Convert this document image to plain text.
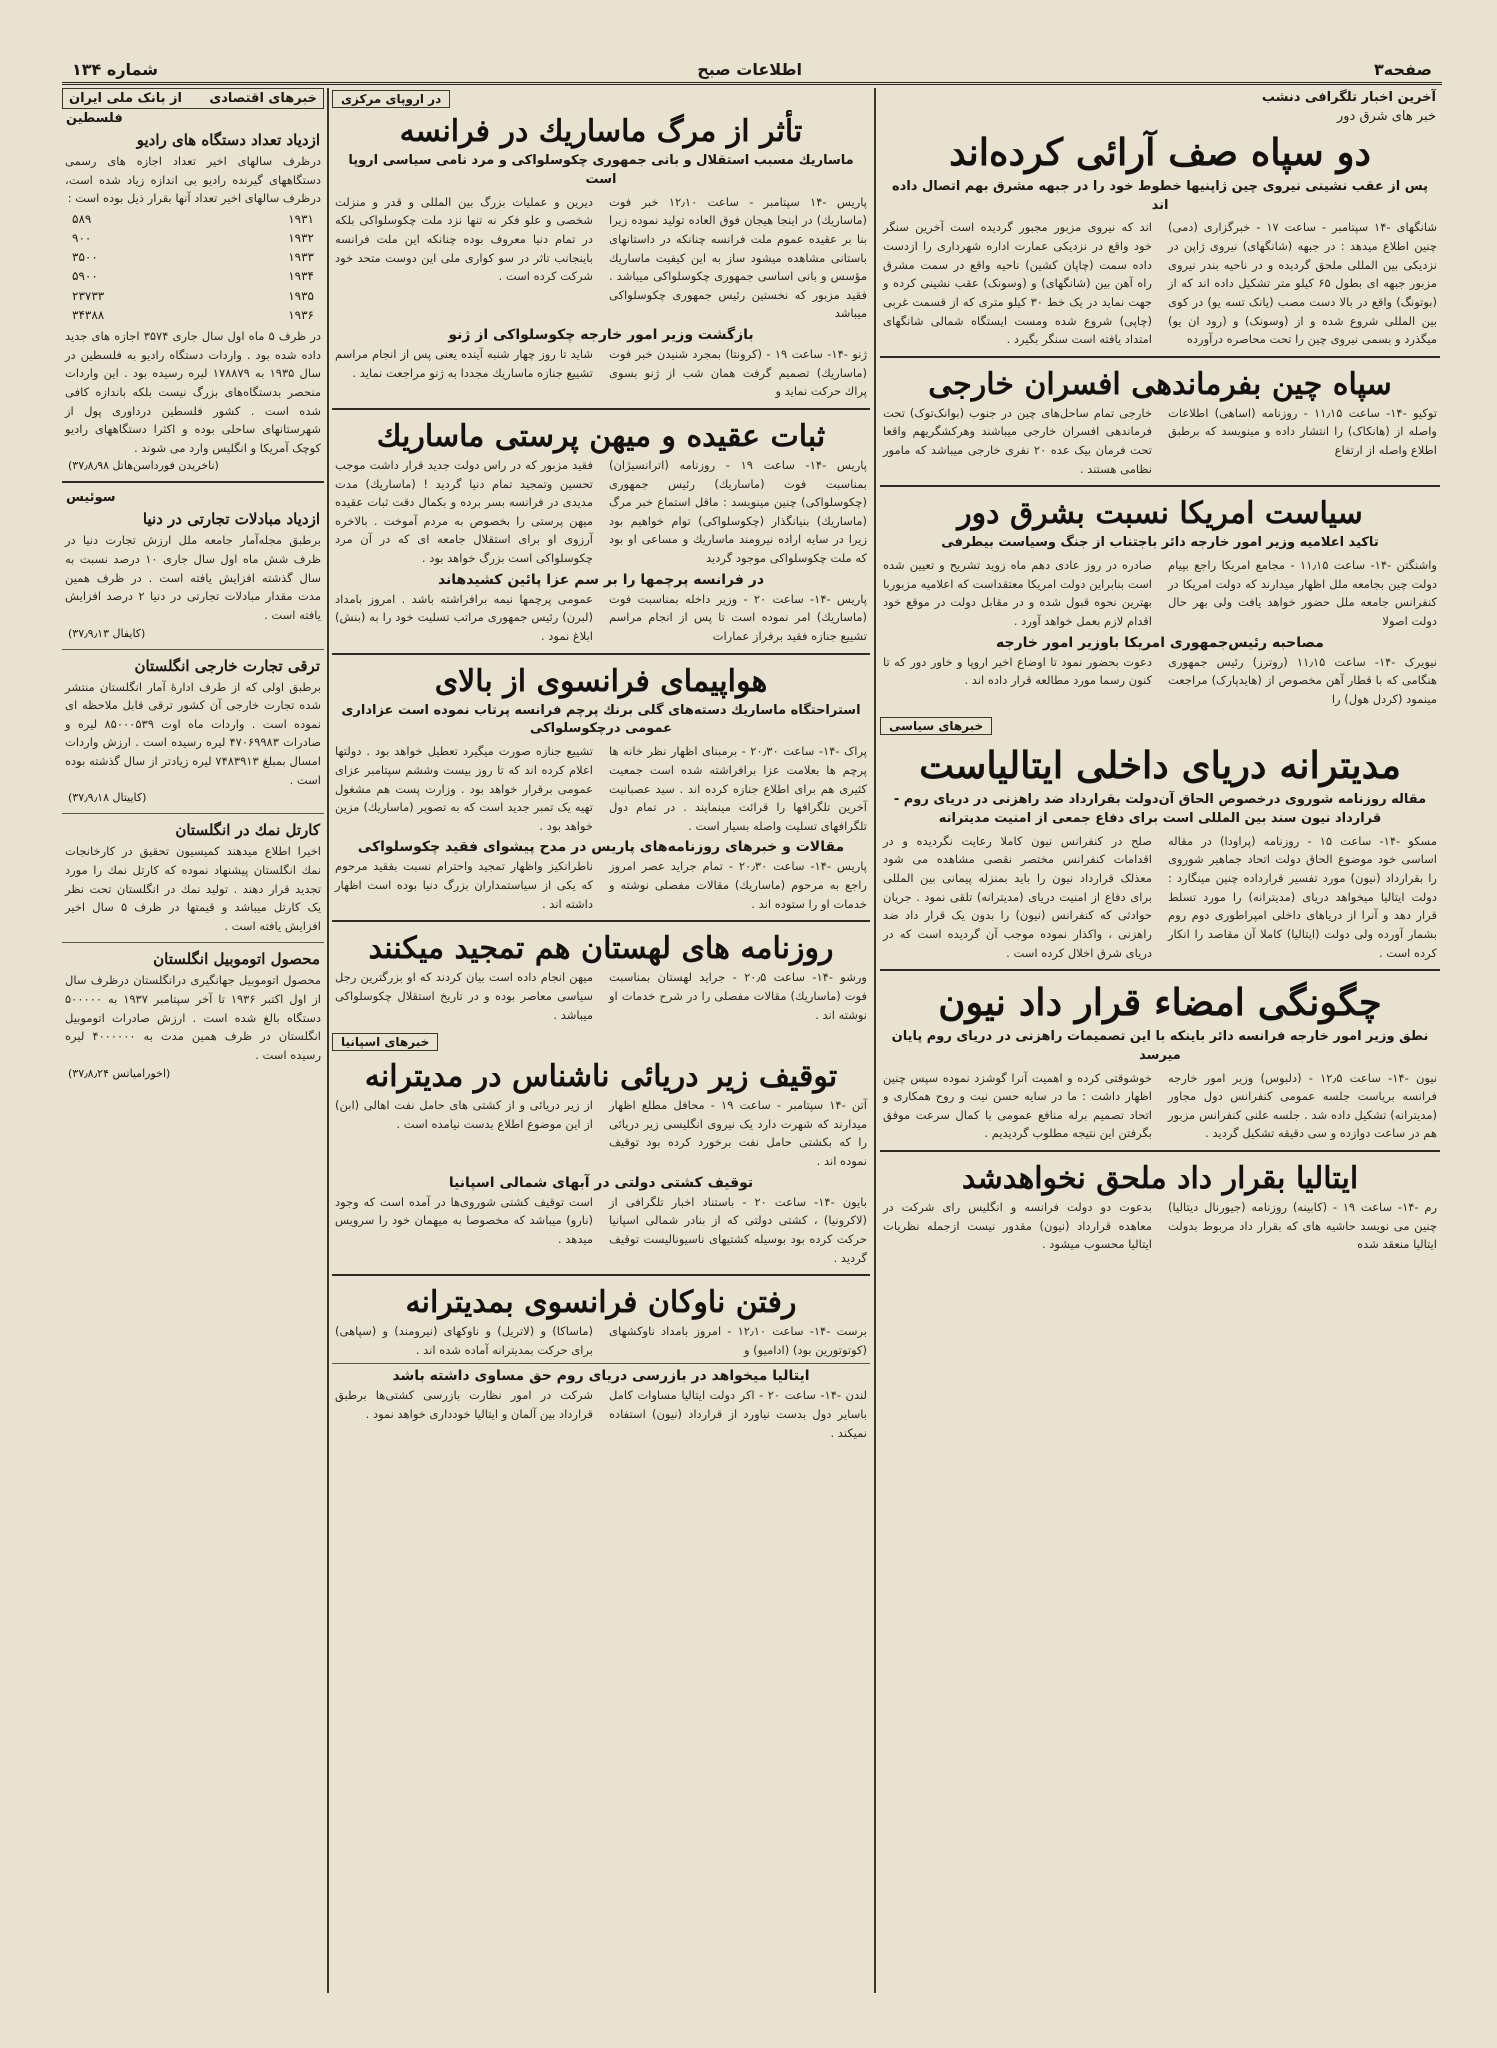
صفحه۳
اطلاعات صبح
شماره ۱۳۴
آخرین اخبار تلگرافی دنشب
خبر های شرق دور
دو سپاه صف آرائی کرده‌اند
پس از عقب نشینی نیروی چین ژاپنیها خطوط خود را در جبهه مشرق بهم اتصال داده اند
شانگهای -۱۴ سپتامبر - ساعت ۱۷ - خبرگزاری (دمی) چنین اطلاع میدهد : در جبهه (شانگهای) نیروی ژاپن در نزدیکی بین المللی ملحق گردیده و در ناحیه بندر نیروی مزبور جبهه ای بطول ۶۵ کیلو متر تشکیل داده اند که از (بوتونگ) واقع در بالا دست مصب (یانک تسه یو) در کوی بین المللی شروع شده و از (وسونک) و (رود ان یو) میگذرد و بسمی نیروی چین را تحت محاصره درآورده
اند که نیروی مزبور مجبور گردیده است آخرین سنگر خود واقع در نزدیکی عمارت اداره شهرداری را ازدست داده سمت (چاپان کشین) ناحیه واقع در سمت مشرق راه آهن بین (شانگهای) و (وسونک) عقب نشینی کرده و جهت نماید در یک خط ۳۰ کیلو متری که از قسمت غربی (چاپی) شروع شده ومست ایستگاه شمالی شانگهای امتداد یافته است سنگر بگیرد .
سپاه چین بفرماندهی افسران خارجی
توکیو -۱۴- ساعت ۱۱٫۱۵ - روزنامه (اساهی) اطلاعات واصله از (هانکاک) را انتشار داده و مینویسد که برطبق اطلاع واصله از ارتفاع
خارجی تمام ساحل‌های چین در جنوب (بوانک‌توک) تحت فرماندهی افسران خارجی میباشند وهرکشگریهم واقعا تحت فرمان بیک عده ۲۰ نفری خارجی میباشد که مامور نظامی هستند .
سیاست امریکا نسبت بشرق دور
تاکید اعلامیه وزیر امور خارجه دائر باجتناب از جنگ وسیاست بیطرفی
واشنگتن -۱۴- ساعت ۱۱٫۱۵ - مجامع امریکا راجع بپیام دولت چین بجامعه ملل اظهار میدارند که دولت امریکا در کنفرانس جامعه ملل حضور خواهد یافت ولی بهر حال دولت اصولا
صادره در روز عادی دهم ماه زوید تشریح و تعیین شده است بنابراین دولت امریکا معتقداست که اعلامیه مزبوربا بهترین نحوه قبول شده و در مقابل دولت در موقع خود اقدام لازم بعمل خواهد آورد .
مصاحبه رئیس‌جمهوری امریکا باوزیر امور خارجه
نیویرک -۱۴- ساعت ۱۱٫۱۵ (روترز) رئیس جمهوری هنگامی که با قطار آهن مخصوص از (هایدپارک) مراجعت مینمود (کردل هول) را
دعوت بحضور نمود تا اوضاع اخیر اروپا و خاور دور که تا کنون رسما مورد مطالعه قرار داده اند .
خبرهای سیاسی
مدیترانه دریای داخلی ایتالیاست
مقاله روزنامه شوروی درخصوص الحاق آن‌دولت بقرارداد ضد راهزنی در دریای روم - قرارداد نیون سند بین المللی است برای دفاع جمعی از امنیت مدیترانه
مسکو -۱۴- ساعت ۱۵ - روزنامه (پراودا) در مقاله اساسی خود موضوع الحاق دولت اتحاد جماهیر شوروی را بقرارداد (نیون) مورد تفسیر قرارداده چنین مینگارد : دولت ایتالیا میخواهد دریای (مدیترانه) را مورد تسلط قرار دهد و آنرا از دریاهای داخلی امپراطوری دوم روم بشمار آورده ولی دولت (ایتالیا) کاملا آن مقاصد را انکار کرده است .
صلح در کنفرانس نیون کاملا رعایت نگردیده و در اقدامات کنفرانس مختصر نقصی مشاهده می شود معذلک قرارداد نیون را باید بمنزله پیمانی بین المللی برای دفاع از امنیت دریای (مدیترانه) تلقی نمود . جریان حوادثی که کنفرانس (نیون) را بدون یک قرار داد ضد راهزنی ، واکذار نموده موجب آن گردیده است که در دریای شرق اخلال کرده است .
چگونگی امضاء قرار داد نیون
نطق وزیر امور خارجه فرانسه دائر باینکه با این تصمیمات راهزنی در دریای روم پایان میرسد
نیون -۱۴- ساعت ۱۲٫۵ - (دلبوس) وزیر امور خارجه فرانسه بریاست جلسه عمومی کنفرانس دول مجاور (مدیترانه) تشکیل داده شد . جلسه علنی کنفرانس مزبور هم در ساعت دوازده و سی دقیقه تشکیل گردید .
خوشوقتی کرده و اهمیت آنرا گوشزد نموده سپس چنین اظهار داشت : ما در سایه حسن نیت و روح همکاری و اتحاد تصمیم برله منافع عمومی با کمال سرعت موفق بگرفتن این نتیجه مطلوب گردیدیم .
ایتالیا بقرار داد ملحق نخواهدشد
رم -۱۴- ساعت ۱۹ - (کابینه) روزنامه (جیورنال دیتالیا) چنین می نویسد حاشیه های که بقرار داد مربوط بدولت ایتالیا منعقد شده
بدعوت دو دولت فرانسه و انگلیس رای شرکت در معاهده قرارداد (نیون) مقدور نیست ازجمله نظریات ایتالیا محسوب میشود .
در اروپای مرکزی
تأثر از مرگ ماساریك در فرانسه
ماساریك مسبب استقلال و بانی جمهوری چکوسلواکی و مرد نامی سیاسی اروپا است
پاریس -۱۴ سپتامبر - ساعت ۱۲٫۱۰ خبر فوت (ماساریك) در اینجا هیجان فوق العاده تولید نموده زیرا بنا بر عقیده عموم ملت فرانسه چنانکه در داستانهای باستانی مشاهده میشود ساز به این کیفیت ماساریك مؤسس و بانی اساسی جمهوری چکوسلواکی میباشد . فقید مزبور که نخستین رئیس جمهوری چکوسلواکی میباشد
دیرین و عملیات بزرگ بین المللی و قدر و منزلت شخصی و علو فکر نه تنها نزد ملت چکوسلواکی بلکه در تمام دنیا معروف بوده چنانکه این ملت فرانسه باینجانب تاثر در سو کواری ملی این دوست متحد خود شرکت کرده است .
بازگشت وزیر امور خارجه چکوسلواکی از ژنو
ژنو -۱۴- ساعت ۱۹ - (کرونتا) بمجرد شنیدن خبر فوت (ماساریك) تصمیم گرفت همان شب از ژنو بسوی پراك حرکت نماید و
شاید تا روز چهار شنبه آینده یعنی پس از انجام مراسم تشییع جنازه ماساریك مجددا به ژنو مراجعت نماید .
ثبات عقیده و میهن پرستی ماساریك
پاریس -۱۴- ساعت ۱۹ - روزنامه (اترانسیژان) بمناسبت فوت (ماساریك) رئیس جمهوری (چکوسلواکی) چنین مینویسد : ماقل استماع خبر مرگ (ماساریك) بنیانگذار (چکوسلواکی) توام خواهیم بود زیرا در سایه اراده نیرومند ماساریك و مساعی او بود که ملت چکوسلواکی موجود گردید
فقید مزبور که در راس دولت جدید قرار داشت موجب تحسین وتمجید تمام دنیا گردید ! (ماساریك) مدت مدیدی در فرانسه بسر برده و بکمال دقت ثبات عقیده میهن پرستی را بخصوص به مردم آموخت . بالاخره آرزوی او برای استقلال جامعه ای که در آن مرد چکوسلواکی است بزرگ خواهد بود .
در فرانسه پرچمها را بر سم عزا پائین کشیدهاند
پاریس -۱۴- ساعت ۲۰ - وزیر داخله بمناسبت فوت (ماساریك) امر نموده است تا پس از انجام مراسم تشییع جنازه فقید برفراز عمارات
عمومی پرچمها نیمه برافراشته باشد . امروز بامداد (لبرن) رئیس جمهوری مراتب تسلیت خود را به (بنش) ابلاغ نمود .
هواپیمای فرانسوی از بالای
استراحتگاه ماساریك دسته‌های گلی برنك پرچم فرانسه پرتاب نموده است عزاداری عمومی درچکوسلواکی
پراک -۱۴- ساعت ۲۰٫۳۰ - برمبنای اظهار نظر خانه ها پرچم ها بعلامت عزا برافراشته شده است جمعیت کثیری هم برای اطلاع جنازه کرده اند . سید عصبانیت آخرین تلگرافها را قرائت مینمایند . در تمام دول تلگرافهای تسلیت واصله بسیار است .
تشییع جنازه صورت میگیرد تعطیل خواهد بود . دولتها اعلام کرده اند که تا روز بیست وششم سپتامبر عزای عمومی برقرار خواهد بود . وزارت پست هم مشغول تهیه یک تمبر جدید است که به تصویر (ماساریك) مزین خواهد بود .
مقالات و خبرهای روزنامه‌های پاریس در مدح پیشوای فقید چکوسلواکی
پاریس -۱۴- ساعت ۲۰٫۳۰ - تمام جراید عصر امروز راجع به مرحوم (ماساریك) مقالات مفصلی نوشته و خدمات او را ستوده اند .
ناطرانکیز واظهار تمجید واحترام نسبت بفقید مرحوم که یکی از سیاستمداران بزرگ دنیا بوده است اظهار داشته اند .
روزنامه های لهستان هم تمجید میکنند
ورشو -۱۴- ساعت ۲۰٫۵ - جراید لهستان بمناسبت فوت (ماساریك) مقالات مفصلی را در شرح خدمات او نوشته اند .
میهن انجام داده است بیان کردند که او بزرگترین رجل سیاسی معاصر بوده و در تاریخ استقلال چکوسلواکی میباشد .
خبرهای اسپانیا
توقیف زیر دریائی ناشناس در مدیترانه
آتن -۱۴ سپتامبر - ساعت ۱۹ - محافل مطلع اظهار میدارند که شهرت دارد یک نیروی انگلیسی زیر دریائی را که بکشتی حامل نفت برخورد کرده بود توقیف نموده اند .
از زیر دریائی و از کشتی های حامل نفت اهالی (ابن) از این موضوع اطلاع بدست نیامده است .
توقیف کشتی دولتی در آبهای شمالی اسپانیا
بایون -۱۴- ساعت ۲۰ - باستناد اخبار تلگرافی از (لاکرونیا) ، کشتی دولتی که از بنادر شمالی اسپانیا حرکت کرده بود بوسیله کشتیهای ناسیونالیست توقیف گردید .
است توقیف کشتی شوروی‌ها در آمده است که وجود (نارو) میباشد که مخصوصا به میهمان خود را سرویس میدهد .
رفتن ناوکان فرانسوی بمدیترانه
برست -۱۴- ساعت ۱۲٫۱۰ - امروز بامداد ناوکشهای (کوتوتورین بود) (ادامیو) و
(ماساکا) و (لاتریل) و ناوکهای (نیرومند) و (سپاهی) برای حرکت بمدیترانه آماده شده اند .
ایتالیا میخواهد در بازرسی دریای روم حق مساوی داشته باشد
لندن -۱۴- ساعت ۲۰ - اکر دولت ایتالیا مساوات کامل باسایر دول بدست نیاورد از قرارداد (نیون) استفاده نمیکند .
شرکت در امور نظارت بازرسی کشتی‌ها برطبق قرارداد بین آلمان و ایتالیا خودداری خواهد نمود .
خبرهای اقتصادی
از بانک ملی ایران
فلسطین
ازدیاد تعداد دستگاه های رادیو
درظرف سالهای اخیر تعداد اجازه های رسمی دستگاههای گیرنده رادیو بی اندازه زیاد شده است، درظرف سالهای اخیر تعداد آنها بقرار ذیل بوده است :
۱۹۳۱
۵۸۹
۱۹۳۲
۹۰۰
۱۹۳۳
۳۵۰۰
۱۹۳۴
۵۹۰۰
۱۹۳۵
۲۳۷۳۳
۱۹۳۶
۳۴۳۸۸
در ظرف ۵ ماه اول سال جاری ۳۵۷۴ اجازه های جدید داده شده بود . واردات دستگاه رادیو به فلسطین در سال ۱۹۳۵ به ۱۷۸۸۷۹ لیره رسیده بود . این واردات منحصر بدستگاه‌های بزرگ نیست بلکه باندازه کافی شده است . کشور فلسطین درداوری پول از شهرستانهای ساحلی بوده و اکثرا دستگاههای رادیو کوچک آمریکا و انگلیس وارد می شوند .
(ناخریدن فورداسن‌هاتل ۳۷٫۸٫۹۸)
سوئیس
ازدیاد مبادلات تجارتی در دنیا
برطبق مجله‌آمار جامعه ملل ارزش تجارت دنیا در ظرف شش ماه اول سال جاری ۱۰ درصد نسبت به سال گذشته افزایش یافته است . در ظرف همین مدت مقدار مبادلات تجارتی در دنیا ۲ درصد افزایش یافته است .
(کایفال ۳۷٫۹٫۱۳)
ترقی تجارت خارجی انگلستان
برطبق اولی که از طرف ادارۀ آمار انگلستان منتشر شده تجارت خارجی آن کشور ترقی قابل ملاحظه ای نموده است . واردات ماه اوت ۸۵۰۰۰۵۳۹ لیره و صادرات ۴۷۰۶۹۹۸۳ لیره رسیده است . ارزش واردات امسال بمبلغ ۷۴۸۳۹۱۳ لیره زیادتر از سال گذشته بوده است .
(کاییتال ۳۷٫۹٫۱۸)
کارتل نمك در انگلستان
اخیرا اطلاع میدهند کمیسیون تحقیق در کارخانجات نمك انگلستان پیشنهاد نموده که کارتل نمك را مورد تجدید قرار دهند . تولید نمك در انگلستان تحت نظر یک کارتل میباشد و قیمتها در ظرف ۵ سال اخیر افزایش یافته است .
محصول اتوموبیل انگلستان
محصول اتوموبیل جهانگیری درانگلستان درظرف سال از اول اکتبر ۱۹۳۶ تا آخر سپتامبر ۱۹۳۷ به ۵۰۰۰۰۰ دستگاه بالغ شده است . ارزش صادرات اتوموبیل انگلستان در ظرف همین مدت به ۴۰۰۰۰۰۰ لیره رسیده است .
(اخورامیاتس ۳۷٫۸٫۲۴)
